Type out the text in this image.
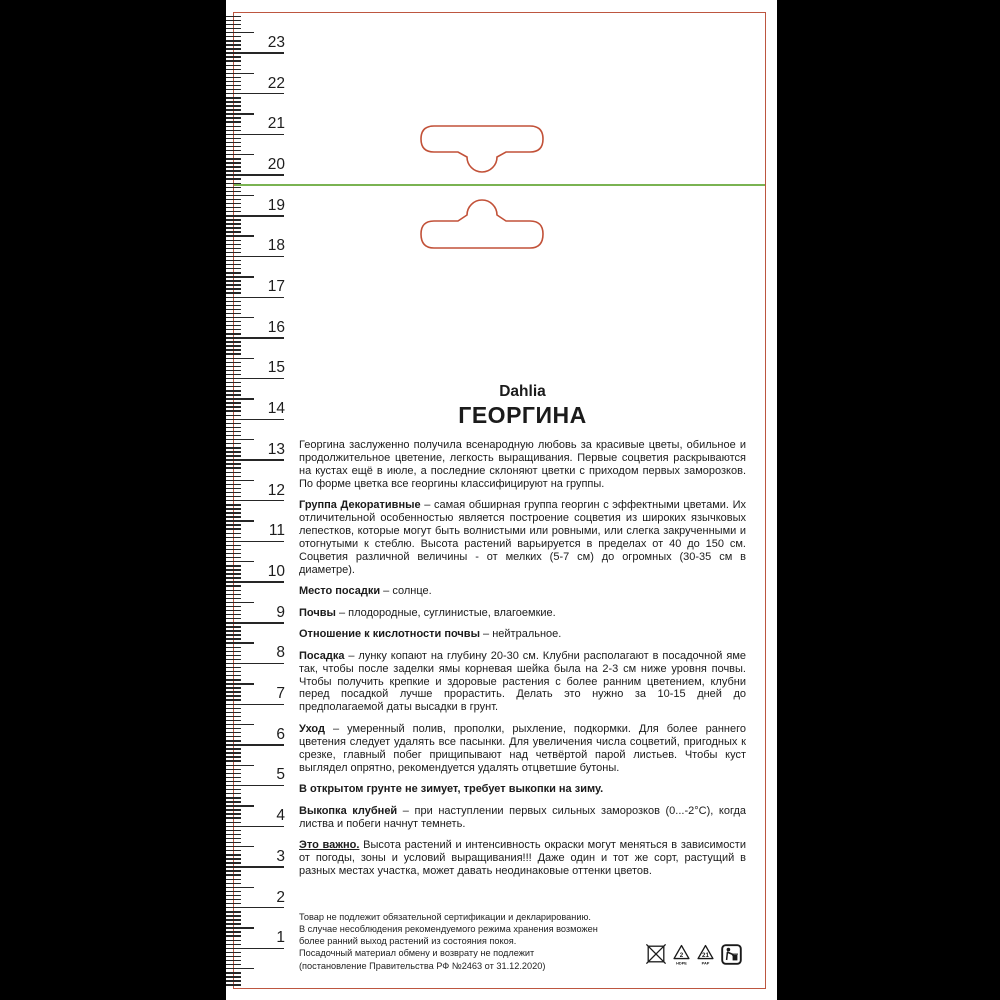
23
22
21
20
19
18
17
16
15
14
13
12
11
10
9
8
7
6
5
4
3
2
1
Dahlia
ГЕОРГИНА
Георгина заслуженно получила всенародную любовь за красивые цветы, обильное и продолжительное цветение, легкость выращивания. Первые соцветия раскрываются на кустах ещё в июле, а последние склоняют цветки с приходом первых заморозков. По форме цветка все георгины классифицируют на группы.
Группа Декоративные – самая обширная группа георгин с эффектными цветами. Их отличительной особенностью является построение соцветия из широких язычковых лепестков, которые могут быть волнистыми или ровными, или слегка закрученными и отогнутыми к стеблю. Высота растений варьируется в пределах от 40 до 150 см. Соцветия различной величины - от мелких (5-7 см) до огромных (30-35 см в диаметре).
Место посадки – солнце.
Почвы – плодородные, суглинистые, влагоемкие.
Отношение к кислотности почвы – нейтральное.
Посадка – лунку копают на глубину 20-30 см. Клубни располагают в посадочной яме так, чтобы после заделки ямы корневая шейка была на 2-3 см ниже уровня почвы. Чтобы получить крепкие и здоровые растения с более ранним цветением, клубни перед посадкой лучше прорастить. Делать это нужно за 10-15 дней до предполагаемой даты высадки в грунт.
Уход – умеренный полив, прополки, рыхление, подкормки. Для более раннего цветения следует удалять все пасынки. Для увеличения числа соцветий, пригодных к срезке, главный побег прищипывают над четвёртой парой листьев. Чтобы куст выглядел опрятно, рекомендуется удалять отцветшие бутоны.
В открытом грунте не зимует, требует выкопки на зиму.
Выкопка клубней – при наступлении первых сильных заморозков (0...-2°С), когда листва и побеги начнут темнеть.
Это важно. Высота растений и интенсивность окраски могут меняться в зависимости от погоды, зоны и условий выращивания!!! Даже один и тот же сорт, растущий в разных местах участка, может давать неодинаковые оттенки цветов.
Товар не подлежит обязательной сертификации и декларированию.
В случае несоблюдения рекомендуемого режима хранения возможен
более ранний выход растений из состояния покоя.
Посадочный материал обмену и возврату не подлежит
(постановление Правительства РФ №2463 от 31.12.2020)
2
HDPE
21
PAP
